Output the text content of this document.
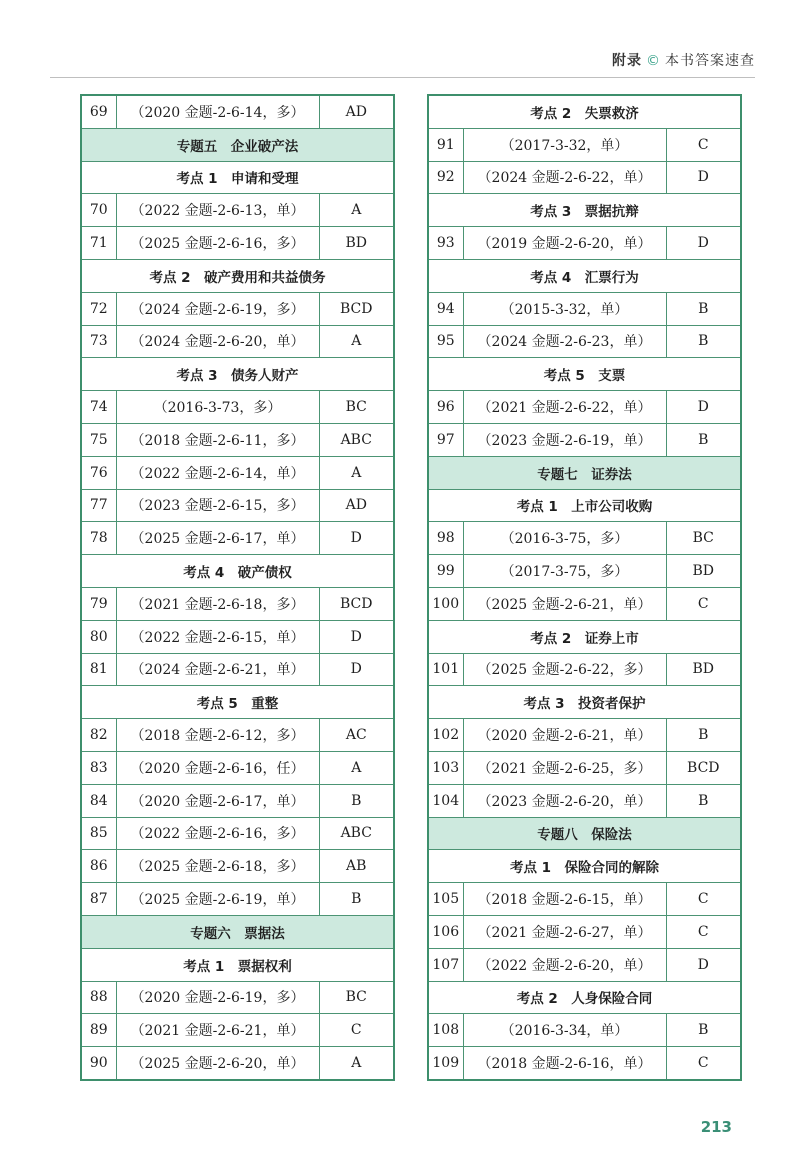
附录 © 本书答案速查
69	（2020 金题-2-6-14，多）	AD
专题五　企业破产法		
考点 1　申请和受理		
70	（2022 金题-2-6-13，单）	A
71	（2025 金题-2-6-16，多）	BD
考点 2　破产费用和共益债务		
72	（2024 金题-2-6-19，多）	BCD
73	（2024 金题-2-6-20，单）	A
考点 3　债务人财产		
74	（2016-3-73，多）	BC
75	（2018 金题-2-6-11，多）	ABC
76	（2022 金题-2-6-14，单）	A
77	（2023 金题-2-6-15，多）	AD
78	（2025 金题-2-6-17，单）	D
考点 4　破产债权		
79	（2021 金题-2-6-18，多）	BCD
80	（2022 金题-2-6-15，单）	D
81	（2024 金题-2-6-21，单）	D
考点 5　重整		
82	（2018 金题-2-6-12，多）	AC
83	（2020 金题-2-6-16，任）	A
84	（2020 金题-2-6-17，单）	B
85	（2022 金题-2-6-16，多）	ABC
86	（2025 金题-2-6-18，多）	AB
87	（2025 金题-2-6-19，单）	B
专题六　票据法		
考点 1　票据权利		
88	（2020 金题-2-6-19，多）	BC
89	（2021 金题-2-6-21，单）	C
90	（2025 金题-2-6-20，单）	A
考点 2　失票救济		
91	（2017-3-32，单）	C
92	（2024 金题-2-6-22，单）	D
考点 3　票据抗辩		
93	（2019 金题-2-6-20，单）	D
考点 4　汇票行为		
94	（2015-3-32，单）	B
95	（2024 金题-2-6-23，单）	B
考点 5　支票		
96	（2021 金题-2-6-22，单）	D
97	（2023 金题-2-6-19，单）	B
专题七　证券法		
考点 1　上市公司收购		
98	（2016-3-75，多）	BC
99	（2017-3-75，多）	BD
100	（2025 金题-2-6-21，单）	C
考点 2　证券上市		
101	（2025 金题-2-6-22，多）	BD
考点 3　投资者保护		
102	（2020 金题-2-6-21，单）	B
103	（2021 金题-2-6-25，多）	BCD
104	（2023 金题-2-6-20，单）	B
专题八　保险法		
考点 1　保险合同的解除		
105	（2018 金题-2-6-15，单）	C
106	（2021 金题-2-6-27，单）	C
107	（2022 金题-2-6-20，单）	D
考点 2　人身保险合同		
108	（2016-3-34，单）	B
109	（2018 金题-2-6-16，单）	C
213
